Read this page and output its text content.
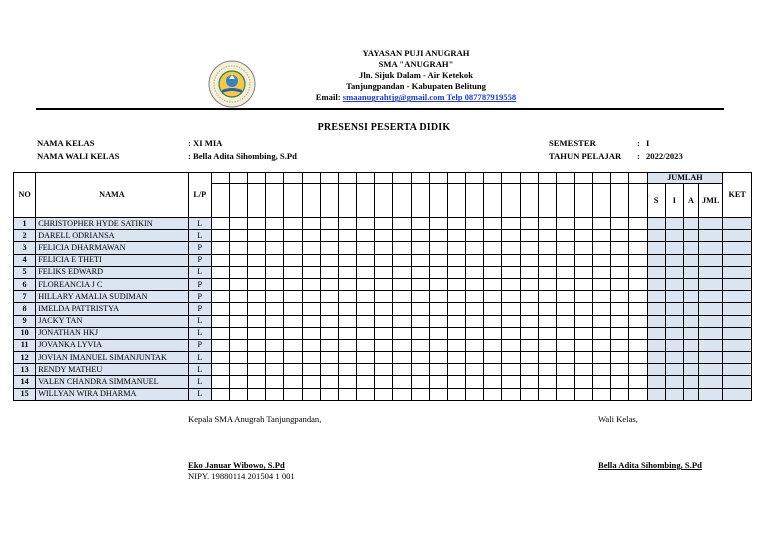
YAYASAN PUJI ANUGRAH
SMA "ANUGRAH"
Jln. Sijuk Dalam - Air Ketekok
Tanjungpandan - Kabupaten Belitung
Email: smaanugrahtjg@gmail.com Telp 087787919558
PRESENSI PESERTA DIDIK
NAMA KELAS	: XI MIA
NAMA WALI KELAS	: Bella Adita Sihombing, S.Pd
SEMESTER	: I
TAHUN PELAJAR : 2022/2023
NO	NAMA	L/P																									JUMLAH				KET
																											S	I	A	JML	
1	CHRISTOPHER HYDE SATIKIN	L																													
2	DARELL ODRIANSA	L																													
3	FELICIA DHARMAWAN	P																													
4	FELICIA E THETI	P																													
5	FELIKS EDWARD	L																													
6	FLOREANCIA J C	P																													
7	HILLARY AMALIA SUDIMAN	P																													
8	IMELDA PATTRISTYA	P																													
9	JACKY TAN	L																													
10	JONATHAN HKJ	L																													
11	JOVANKA LYVIA	P																													
12	JOVIAN IMANUEL SIMANJUNTAK	L																													
13	RENDY MATHEU	L																													
14	VALEN CHANDRA SIMMANUEL	L																													
15	WILLYAN WIRA DHARMA	L																													
Kepala SMA Anugrah Tanjungpandan,
Eko Januar Wibowo, S.Pd
NIPY. 19880114 201504 1 001
Wali Kelas,
Bella Adita Sihombing, S.Pd
